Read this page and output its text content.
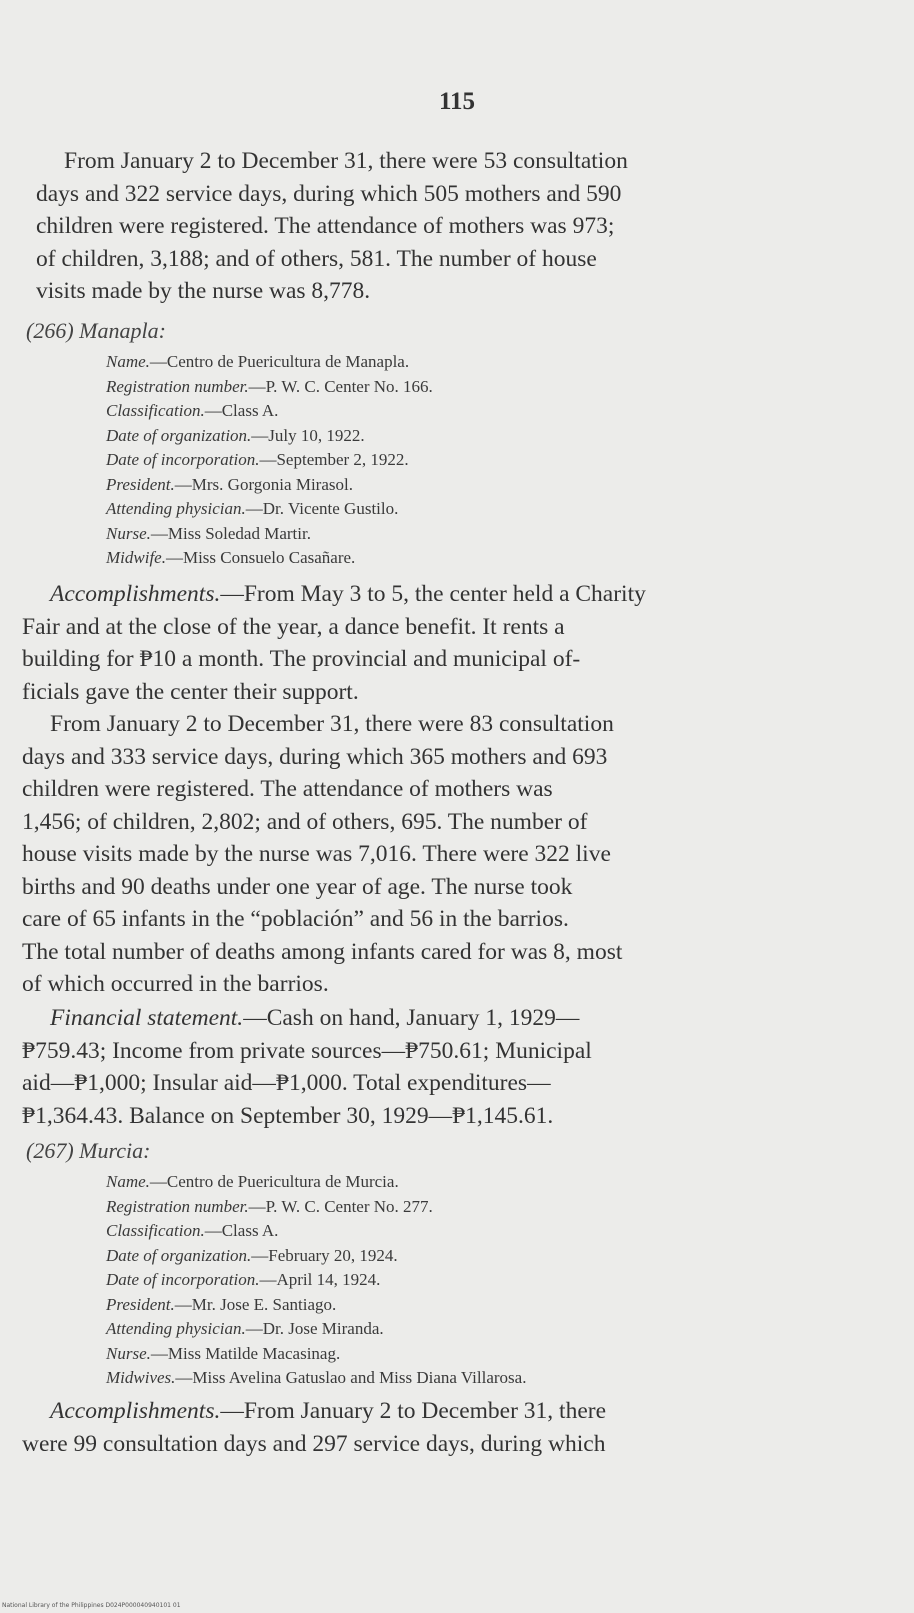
115
From January 2 to December 31, there were 53 consultation
days and 322 service days, during which 505 mothers and 590
children were registered. The attendance of mothers was 973;
of children, 3,188; and of others, 581. The number of house
visits made by the nurse was 8,778.
(266) Manapla:
Name.—Centro de Puericultura de Manapla.
Registration number.—P. W. C. Center No. 166.
Classification.—Class A.
Date of organization.—July 10, 1922.
Date of incorporation.—September 2, 1922.
President.—Mrs. Gorgonia Mirasol.
Attending physician.—Dr. Vicente Gustilo.
Nurse.—Miss Soledad Martir.
Midwife.—Miss Consuelo Casañare.
Accomplishments.—From May 3 to 5, the center held a Charity
Fair and at the close of the year, a dance benefit. It rents a
building for ₱10 a month. The provincial and municipal of-
ficials gave the center their support.
From January 2 to December 31, there were 83 consultation
days and 333 service days, during which 365 mothers and 693
children were registered. The attendance of mothers was
1,456; of children, 2,802; and of others, 695. The number of
house visits made by the nurse was 7,016. There were 322 live
births and 90 deaths under one year of age. The nurse took
care of 65 infants in the “población” and 56 in the barrios.
The total number of deaths among infants cared for was 8, most
of which occurred in the barrios.
Financial statement.—Cash on hand, January 1, 1929—
₱759.43; Income from private sources—₱750.61; Municipal
aid—₱1,000; Insular aid—₱1,000. Total expenditures—
₱1,364.43. Balance on September 30, 1929—₱1,145.61.
(267) Murcia:
Name.—Centro de Puericultura de Murcia.
Registration number.—P. W. C. Center No. 277.
Classification.—Class A.
Date of organization.—February 20, 1924.
Date of incorporation.—April 14, 1924.
President.—Mr. Jose E. Santiago.
Attending physician.—Dr. Jose Miranda.
Nurse.—Miss Matilde Macasinag.
Midwives.—Miss Avelina Gatuslao and Miss Diana Villarosa.
Accomplishments.—From January 2 to December 31, there
were 99 consultation days and 297 service days, during which
National Library of the Philippines D024P000040940101 01
